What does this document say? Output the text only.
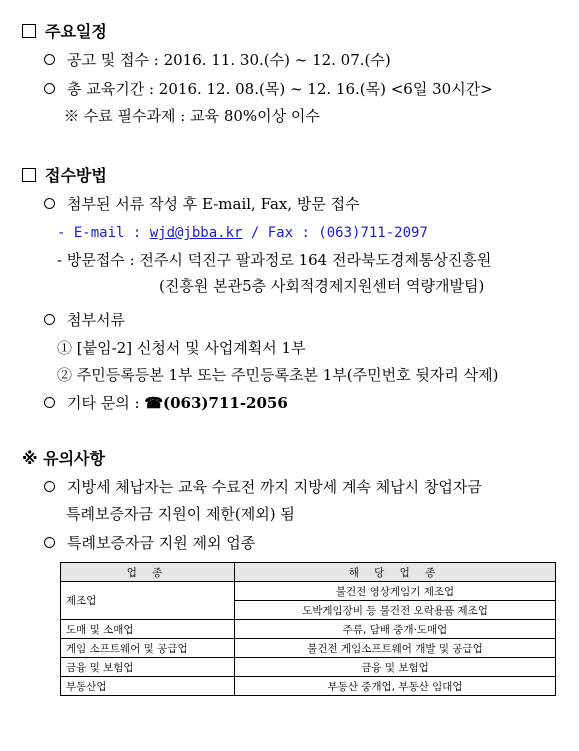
주요일정
공고 및 접수 : 2016. 11. 30.(수) ~ 12. 07.(수)
총 교육기간 : 2016. 12. 08.(목) ~ 12. 16.(목) <6일 30시간>
※ 수료 필수과제 : 교육 80%이상 이수
접수방법
첨부된 서류 작성 후 E-mail, Fax, 방문 접수
- E-mail : wjd@jbba.kr / Fax : (063)711-2097
- 방문접수 : 전주시 덕진구 팔과정로 164 전라북도경제통상진흥원
(진흥원 본관5층 사회적경제지원센터 역량개발팀)
첨부서류
① [붙임-2] 신청서 및 사업계획서 1부
② 주민등록등본 1부 또는 주민등록초본 1부(주민번호 뒷자리 삭제)
기타 문의 : ☎(063)711-2056
※ 유의사항
지방세 체납자는 교육 수료전 까지 지방세 계속 체납시 창업자금
특례보증자금 지원이 제한(제외) 됨
특례보증자금 지원 제외 업종
업 종	해 당 업 종
제조업	불건전 영상게임기 제조업
	도박게임장비 등 불건전 오락용품 제조업
도매 및 소매업	주류, 담배 중개·도매업
게임 소프트웨어 및 공급업	불건전 게임소프트웨어 개발 및 공급업
금융 및 보험업	금융 및 보험업
부동산업	부동산 중개업, 부동산 임대업
